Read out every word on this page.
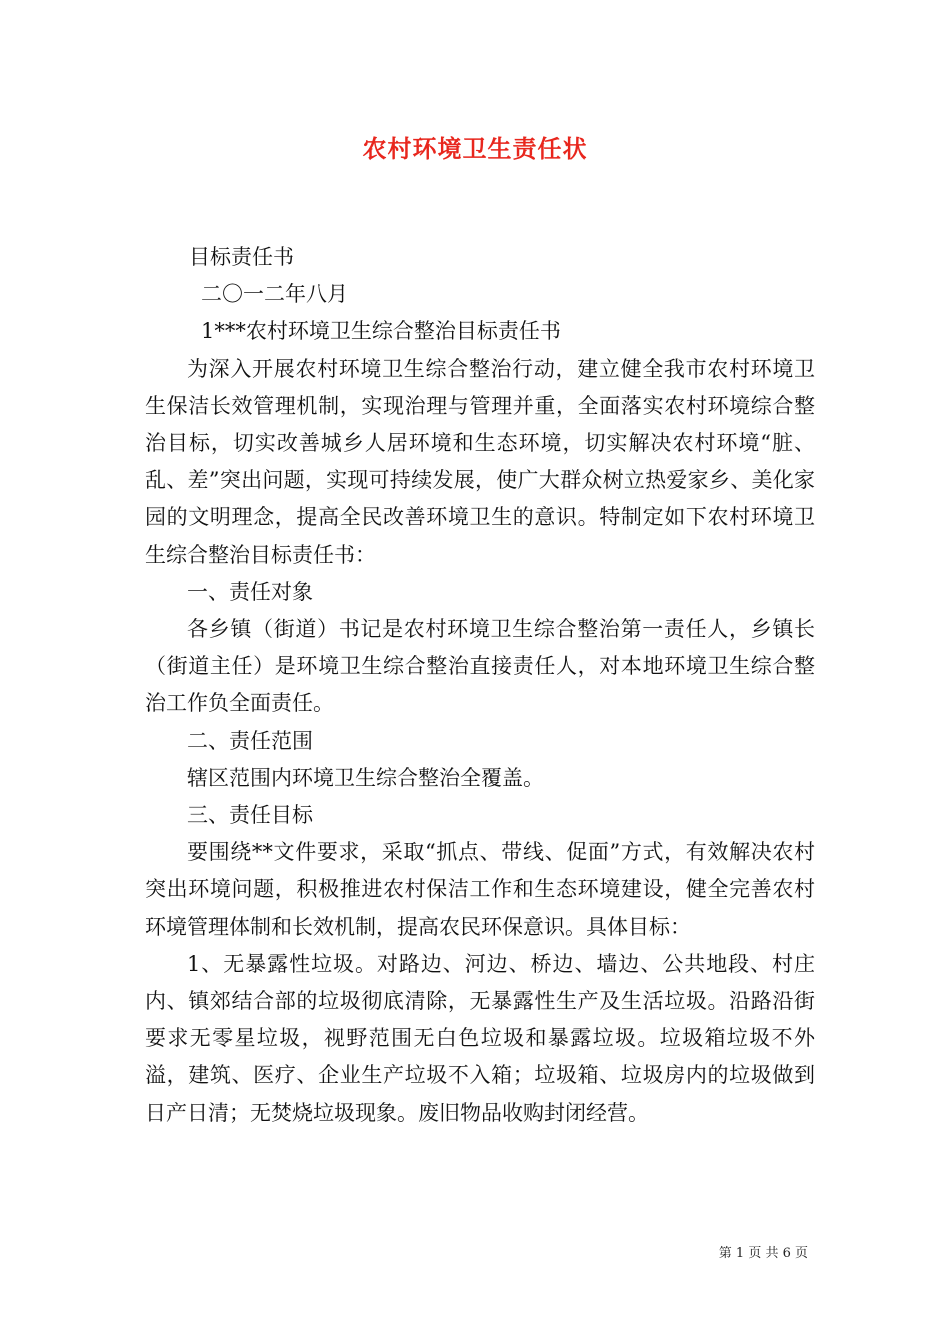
农村环境卫生责任状

目标责任书

二〇一二年八月

1***农村环境卫生综合整治目标责任书

为深入开展农村环境卫生综合整治行动，建立健全我市农村环境卫生保洁长效管理机制，实现治理与管理并重，全面落实农村环境综合整治目标，切实改善城乡人居环境和生态环境，切实解决农村环境“脏、乱、差”突出问题，实现可持续发展，使广大群众树立热爱家乡、美化家园的文明理念，提高全民改善环境卫生的意识。特制定如下农村环境卫生综合整治目标责任书：

一、责任对象

各乡镇（街道）书记是农村环境卫生综合整治第一责任人，乡镇长（街道主任）是环境卫生综合整治直接责任人，对本地环境卫生综合整治工作负全面责任。

二、责任范围

辖区范围内环境卫生综合整治全覆盖。

三、责任目标

要围绕**文件要求，采取“抓点、带线、促面”方式，有效解决农村突出环境问题，积极推进农村保洁工作和生态环境建设，健全完善农村环境管理体制和长效机制，提高农民环保意识。具体目标：

1、无暴露性垃圾。对路边、河边、桥边、墙边、公共地段、村庄内、镇郊结合部的垃圾彻底清除，无暴露性生产及生活垃圾。沿路沿街要求无零星垃圾，视野范围无白色垃圾和暴露垃圾。垃圾箱垃圾不外溢，建筑、医疗、企业生产垃圾不入箱；垃圾箱、垃圾房内的垃圾做到日产日清；无焚烧垃圾现象。废旧物品收购封闭经营。

第 1 页 共 6 页
